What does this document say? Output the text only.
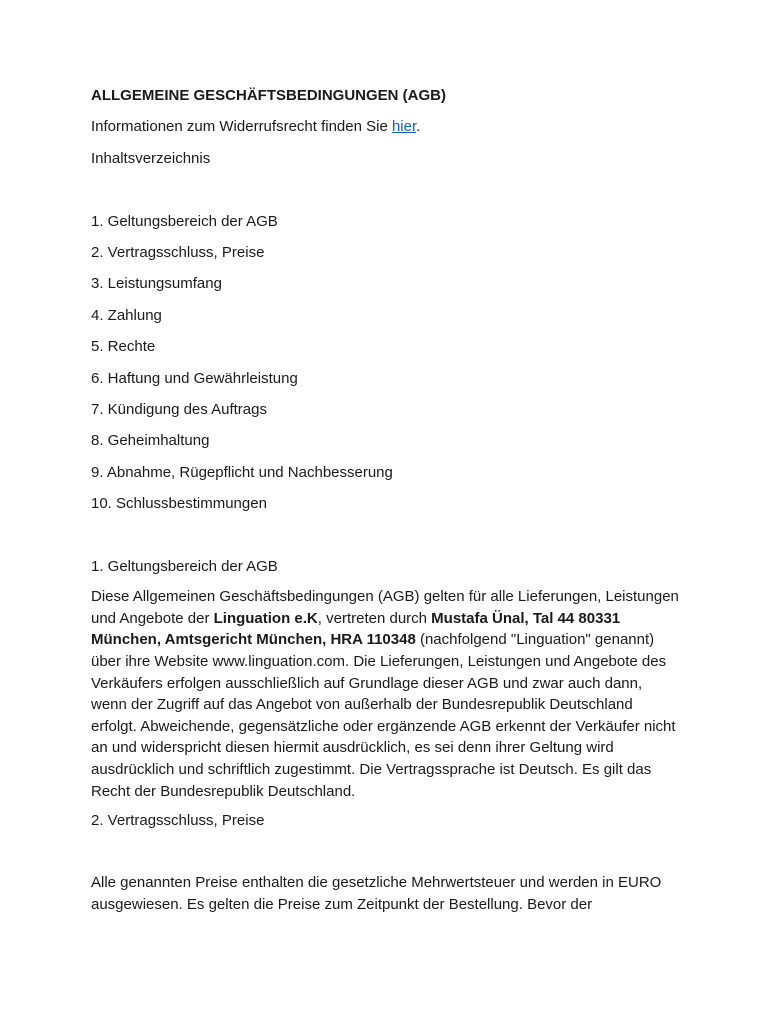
ALLGEMEINE GESCHÄFTSBEDINGUNGEN (AGB)

Informationen zum Widerrufsrecht finden Sie hier.

Inhaltsverzeichnis

1. Geltungsbereich der AGB
2. Vertragsschluss, Preise
3. Leistungsumfang
4. Zahlung
5. Rechte
6. Haftung und Gewährleistung
7. Kündigung des Auftrags
8. Geheimhaltung
9. Abnahme, Rügepflicht und Nachbesserung
10. Schlussbestimmungen

1. Geltungsbereich der AGB

Diese Allgemeinen Geschäftsbedingungen (AGB) gelten für alle Lieferungen, Leistungen und Angebote der Linguation e.K, vertreten durch Mustafa Ünal, Tal 44 80331 München, Amtsgericht München, HRA 110348 (nachfolgend "Linguation" genannt) über ihre Website www.linguation.com. Die Lieferungen, Leistungen und Angebote des Verkäufers erfolgen ausschließlich auf Grundlage dieser AGB und zwar auch dann, wenn der Zugriff auf das Angebot von außerhalb der Bundesrepublik Deutschland erfolgt. Abweichende, gegensätzliche oder ergänzende AGB erkennt der Verkäufer nicht an und widerspricht diesen hiermit ausdrücklich, es sei denn ihrer Geltung wird ausdrücklich und schriftlich zugestimmt. Die Vertragssprache ist Deutsch. Es gilt das Recht der Bundesrepublik Deutschland.

2. Vertragsschluss, Preise

Alle genannten Preise enthalten die gesetzliche Mehrwertsteuer und werden in EURO ausgewiesen. Es gelten die Preise zum Zeitpunkt der Bestellung. Bevor der
